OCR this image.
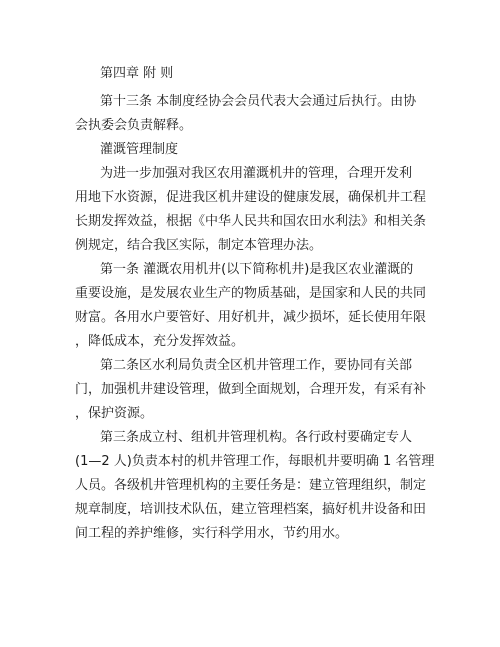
第四章 附 则
第十三条 本制度经协会会员代表大会通过后执行。由协
会执委会负责解释。
灌溉管理制度
为进一步加强对我区农用灌溉机井的管理，合理开发利
用地下水资源，促进我区机井建设的健康发展，确保机井工程
长期发挥效益，根据《中华人民共和国农田水利法》和相关条
例规定，结合我区实际，制定本管理办法。
第一条 灌溉农用机井(以下简称机井)是我区农业灌溉的
重要设施，是发展农业生产的物质基础，是国家和人民的共同
财富。各用水户要管好、用好机井，减少损坏，延长使用年限
，降低成本，充分发挥效益。
第二条区水利局负责全区机井管理工作，要协同有关部
门，加强机井建设管理，做到全面规划，合理开发，有采有补
，保护资源。
第三条成立村、组机井管理机构。各行政村要确定专人
(1—2 人)负责本村的机井管理工作，每眼机井要明确 1 名管理
人员。各级机井管理机构的主要任务是：建立管理组织，制定
规章制度，培训技术队伍，建立管理档案，搞好机井设备和田
间工程的养护维修，实行科学用水，节约用水。
